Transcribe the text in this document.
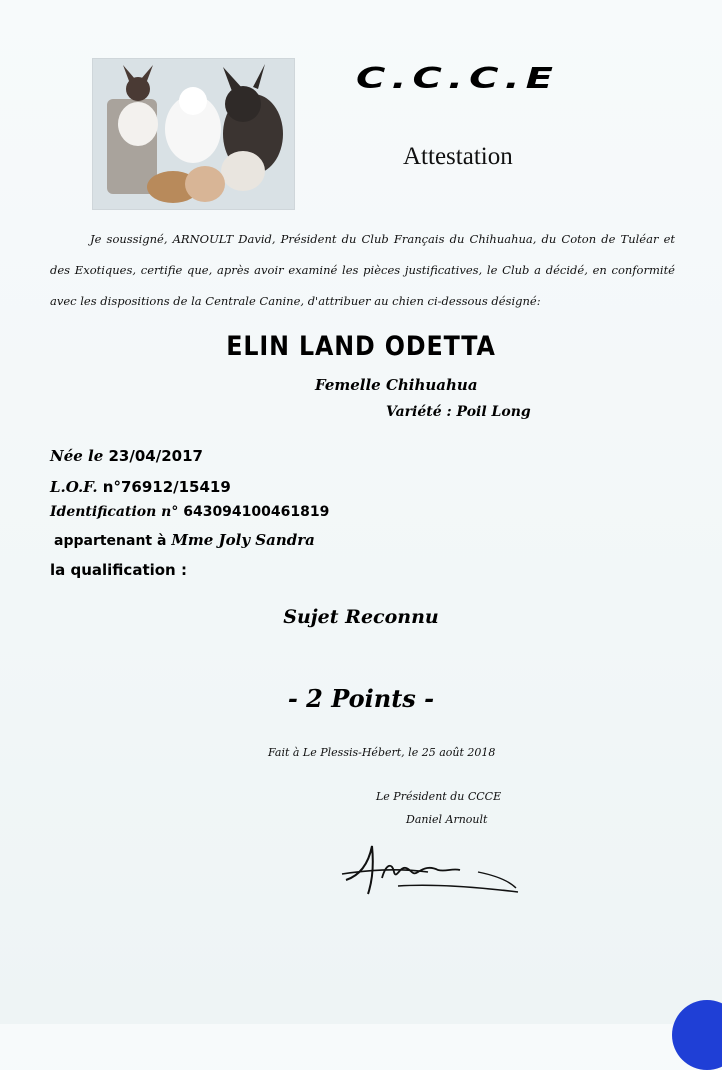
C.C.C.E
Attestation

Je soussigné, ARNOULT David, Président du Club Français du Chihuahua, du Coton de Tuléar et des Exotiques, certifie que, après avoir examiné les pièces justificatives, le Club a décidé, en conformité avec les dispositions de la Centrale Canine, d'attribuer au chien ci-dessous désigné:

ELIN LAND ODETTA
Femelle Chihuahua
Variété : Poil Long
Née le 23/04/2017
L.O.F. n°76912/15419
Identification n° 643094100461819
appartenant à Mme Joly Sandra
la qualification :
Sujet Reconnu
- 2 Points -
Fait à Le Plessis-Hébert, le 25 août 2018
Le Président du CCCE
Daniel Arnoult
